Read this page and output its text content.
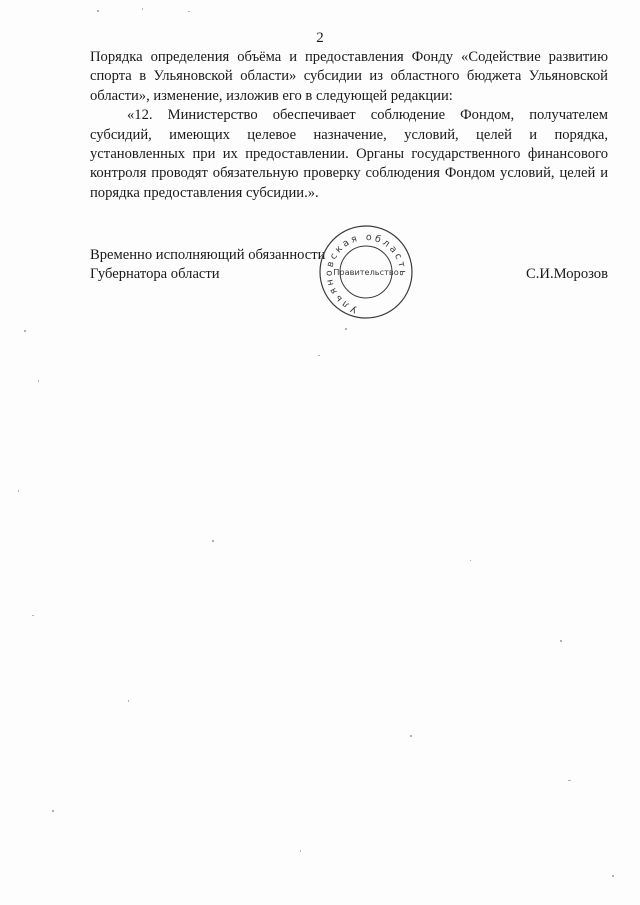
2

Порядка определения объёма и предоставления Фонду «Содействие развитию спорта в Ульяновской области» субсидии из областного бюджета Ульяновской области», изменение, изложив его в следующей редакции:

«12. Министерство обеспечивает соблюдение Фондом, получателем субсидий, имеющих целевое назначение, условий, целей и порядка, установленных при их предоставлении. Органы государственного финансового контроля проводят обязательную проверку соблюдения Фондом условий, целей и порядка предоставления субсидии.».

Временно исполняющий обязанности
Губернатора области	С.И.Морозов
Ульяновская область
Правительство
